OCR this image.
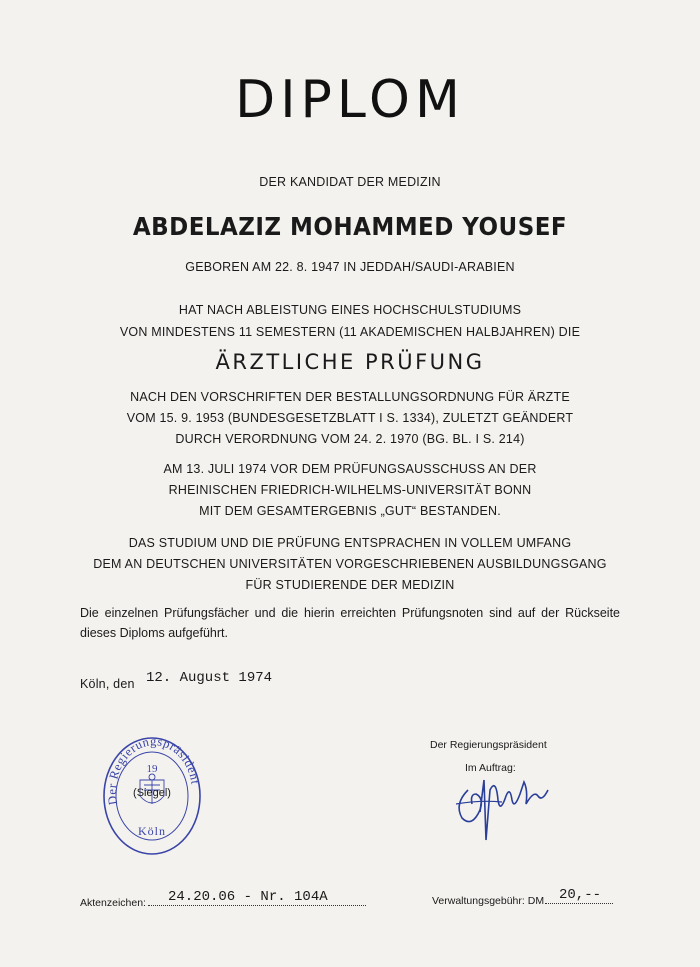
DIPLOM
DER KANDIDAT DER MEDIZIN
ABDELAZIZ MOHAMMED YOUSEF
GEBOREN AM 22. 8. 1947 IN JEDDAH/SAUDI-ARABIEN
HAT NACH ABLEISTUNG EINES HOCHSCHULSTUDIUMS
VON MINDESTENS 11 SEMESTERN (11 AKADEMISCHEN HALBJAHREN) DIE
ÄRZTLICHE PRÜFUNG
NACH DEN VORSCHRIFTEN DER BESTALLUNGSORDNUNG FÜR ÄRZTE
VOM 15. 9. 1953 (BUNDESGESETZBLATT I S. 1334), ZULETZT GEÄNDERT
DURCH VERORDNUNG VOM 24. 2. 1970 (BG. BL. I S. 214)
AM 13. JULI 1974 VOR DEM PRÜFUNGSAUSSCHUSS AN DER
RHEINISCHEN FRIEDRICH-WILHELMS-UNIVERSITÄT BONN
MIT DEM GESAMTERGEBNIS „GUT“ BESTANDEN.
DAS STUDIUM UND DIE PRÜFUNG ENTSPRACHEN IN VOLLEM UMFANG
DEM AN DEUTSCHEN UNIVERSITÄTEN VORGESCHRIEBENEN AUSBILDUNGSGANG
FÜR STUDIERENDE DER MEDIZIN
Die einzelnen Prüfungsfächer und die hierin erreichten Prüfungsnoten sind auf der Rückseite dieses Diploms aufgeführt.
Köln, den 12. August 1974
Der Regierungspräsident
19
(Siegel)
Köln
Der Regierungspräsident
Im Auftrag:
Aktenzeichen:	24.20.06 - Nr. 104A	Verwaltungsgebühr: DM	20,--
